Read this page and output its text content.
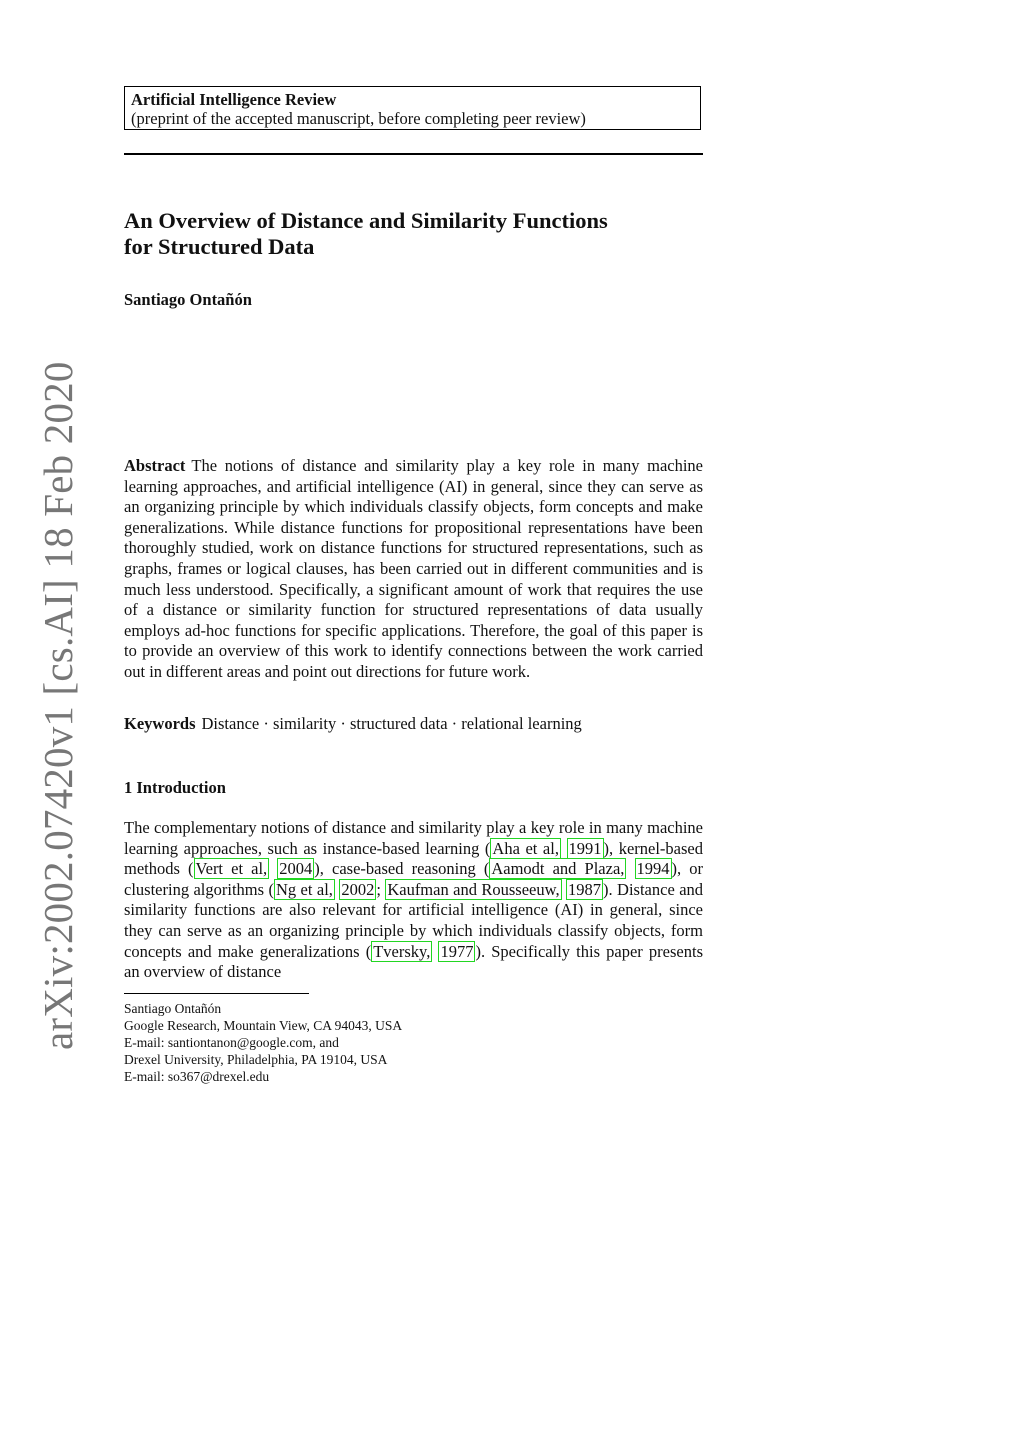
Artificial Intelligence Review
(preprint of the accepted manuscript, before completing peer review)
An Overview of Distance and Similarity Functions
for Structured Data
Santiago Ontañón
arXiv:2002.07420v1 [cs.AI] 18 Feb 2020	Abstract The notions of distance and similarity play a key role in many machine learning approaches, and artificial intelligence (AI) in general, since they can serve as an organizing principle by which individuals classify objects, form concepts and make generalizations. While distance functions for propositional representations have been thoroughly studied, work on distance functions for structured representations, such as graphs, frames or logical clauses, has been carried out in different communities and is much less understood. Specifically, a significant amount of work that requires the use of a distance or similarity function for structured representations of data usually employs ad-hoc functions for specific applications. Therefore, the goal of this paper is to provide an overview of this work to identify connections between the work carried out in different areas and point out directions for future work.

Keywords Distance · similarity · structured data · relational learning
1 Introduction

The complementary notions of distance and similarity play a key role in many machine learning approaches, such as instance-based learning ( Aha et al, 1991 ), kernel-based methods ( Vert et al, 2004 ), case-based reasoning ( Aamodt and Plaza, 1994 ), or clustering algorithms ( Ng et al, 2002 ; Kaufman and Rousseeuw, 1987 ). Distance and similarity functions are also relevant for artificial intelligence (AI) in general, since they can serve as an organizing principle by which individuals classify objects, form concepts and make generalizations ( Tversky, 1977 ). Specifically this paper presents an overview of distance

Santiago Ontañón
Google Research, Mountain View, CA 94043, USA
E-mail: santiontanon@google.com, and
Drexel University, Philadelphia, PA 19104, USA
E-mail: so367@drexel.edu
